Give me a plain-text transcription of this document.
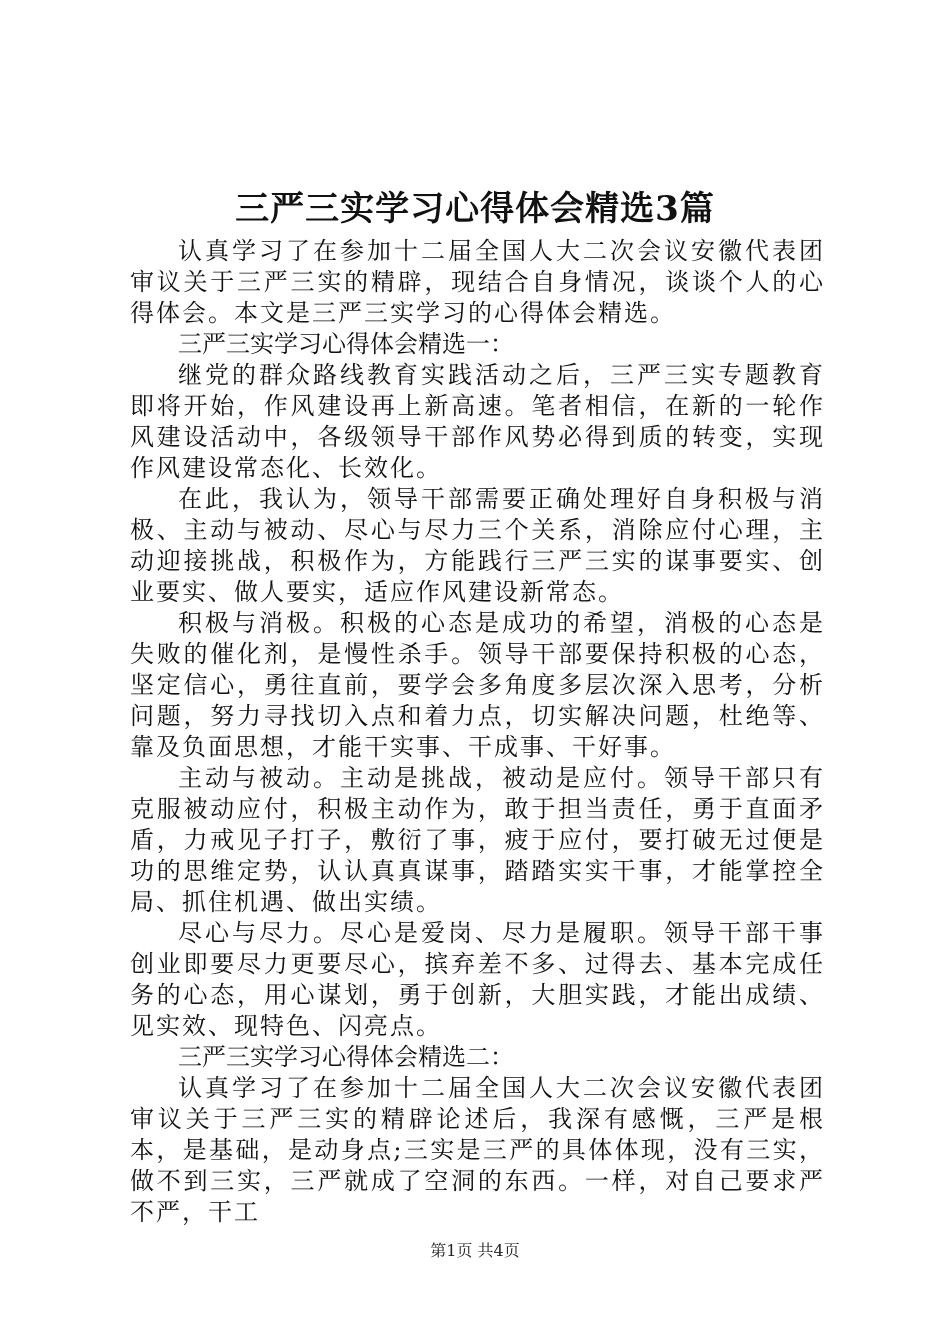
三严三实学习心得体会精选3篇

认真学习了在参加十二届全国人大二次会议安徽代表团审议关于三严三实的精辟，现结合自身情况，谈谈个人的心得体会。本文是三严三实学习的心得体会精选。

三严三实学习心得体会精选一：

继党的群众路线教育实践活动之后，三严三实专题教育即将开始，作风建设再上新高速。笔者相信，在新的一轮作风建设活动中，各级领导干部作风势必得到质的转变，实现作风建设常态化、长效化。

在此，我认为，领导干部需要正确处理好自身积极与消极、主动与被动、尽心与尽力三个关系，消除应付心理，主动迎接挑战，积极作为，方能践行三严三实的谋事要实、创业要实、做人要实，适应作风建设新常态。

积极与消极。积极的心态是成功的希望，消极的心态是失败的催化剂，是慢性杀手。领导干部要保持积极的心态，坚定信心，勇往直前，要学会多角度多层次深入思考，分析问题，努力寻找切入点和着力点，切实解决问题，杜绝等、靠及负面思想，才能干实事、干成事、干好事。

主动与被动。主动是挑战，被动是应付。领导干部只有克服被动应付，积极主动作为，敢于担当责任，勇于直面矛盾，力戒见子打子，敷衍了事，疲于应付，要打破无过便是功的思维定势，认认真真谋事，踏踏实实干事，才能掌控全局、抓住机遇、做出实绩。

尽心与尽力。尽心是爱岗、尽力是履职。领导干部干事创业即要尽力更要尽心，摈弃差不多、过得去、基本完成任务的心态，用心谋划，勇于创新，大胆实践，才能出成绩、见实效、现特色、闪亮点。

三严三实学习心得体会精选二：

认真学习了在参加十二届全国人大二次会议安徽代表团审议关于三严三实的精辟论述后，我深有感慨，三严是根本，是基础，是动身点;三实是三严的具体体现，没有三实，做不到三实，三严就成了空洞的东西。一样，对自己要求严不严，干工

第1页 共4页
